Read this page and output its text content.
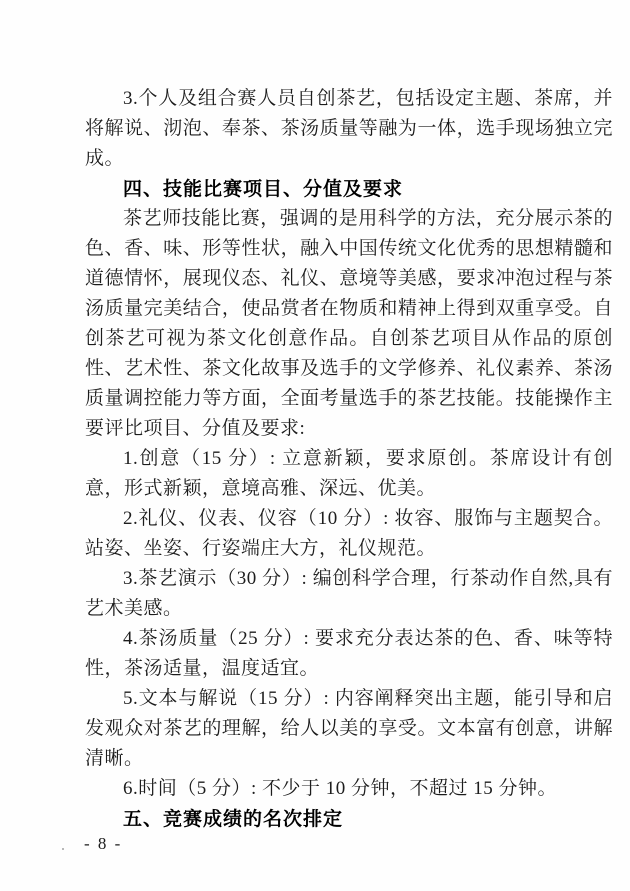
3.个人及组合赛人员自创茶艺，包括设定主题、茶席，并将解说、沏泡、奉茶、茶汤质量等融为一体，选手现场独立完成。

四、技能比赛项目、分值及要求

茶艺师技能比赛，强调的是用科学的方法，充分展示茶的色、香、味、形等性状，融入中国传统文化优秀的思想精髓和道德情怀，展现仪态、礼仪、意境等美感，要求冲泡过程与茶汤质量完美结合，使品赏者在物质和精神上得到双重享受。自创茶艺可视为茶文化创意作品。自创茶艺项目从作品的原创性、艺术性、茶文化故事及选手的文学修养、礼仪素养、茶汤质量调控能力等方面，全面考量选手的茶艺技能。技能操作主要评比项目、分值及要求:

1.创意（15 分）: 立意新颖，要求原创。茶席设计有创意，形式新颖，意境高雅、深远、优美。

2.礼仪、仪表、仪容（10 分）: 妆容、服饰与主题契合。站姿、坐姿、行姿端庄大方，礼仪规范。

3.茶艺演示（30 分）: 编创科学合理，行茶动作自然,具有艺术美感。

4.茶汤质量（25 分）: 要求充分表达茶的色、香、味等特性，茶汤适量，温度适宜。

5.文本与解说（15 分）: 内容阐释突出主题，能引导和启发观众对茶艺的理解，给人以美的享受。文本富有创意，讲解清晰。

6.时间（5 分）: 不少于 10 分钟，不超过 15 分钟。

五、竞赛成绩的名次排定

- 8 -
